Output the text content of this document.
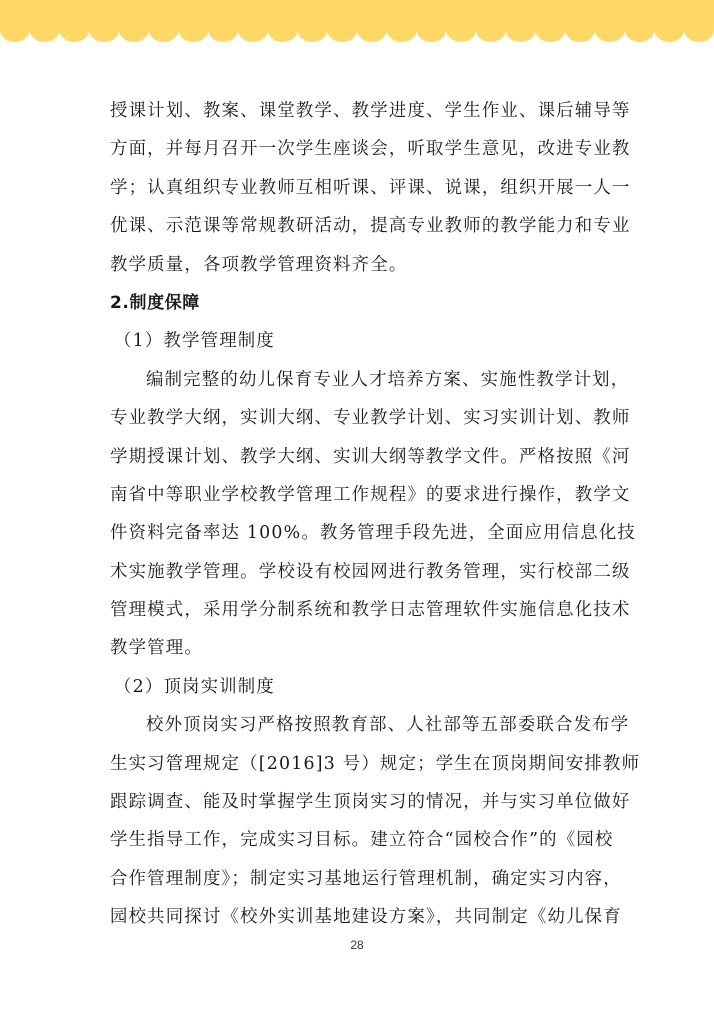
授课计划、教案、课堂教学、教学进度、学生作业、课后辅导等
方面，并每月召开一次学生座谈会，听取学生意见，改进专业教
学；认真组织专业教师互相听课、评课、说课，组织开展一人一
优课、示范课等常规教研活动，提高专业教师的教学能力和专业
教学质量，各项教学管理资料齐全。
2.制度保障
（1）教学管理制度
编制完整的幼儿保育专业人才培养方案、实施性教学计划，
专业教学大纲，实训大纲、专业教学计划、实习实训计划、教师
学期授课计划、教学大纲、实训大纲等教学文件。严格按照《河
南省中等职业学校教学管理工作规程》的要求进行操作，教学文
件资料完备率达 100%。教务管理手段先进，全面应用信息化技
术实施教学管理。学校设有校园网进行教务管理，实行校部二级
管理模式，采用学分制系统和教学日志管理软件实施信息化技术
教学管理。
（2）顶岗实训制度
校外顶岗实习严格按照教育部、人社部等五部委联合发布学
生实习管理规定（[2016]3 号）规定；学生在顶岗期间安排教师
跟踪调查、能及时掌握学生顶岗实习的情况，并与实习单位做好
学生指导工作，完成实习目标。建立符合“园校合作”的《园校
合作管理制度》；制定实习基地运行管理机制，确定实习内容，
园校共同探讨《校外实训基地建设方案》，共同制定《幼儿保育
28
